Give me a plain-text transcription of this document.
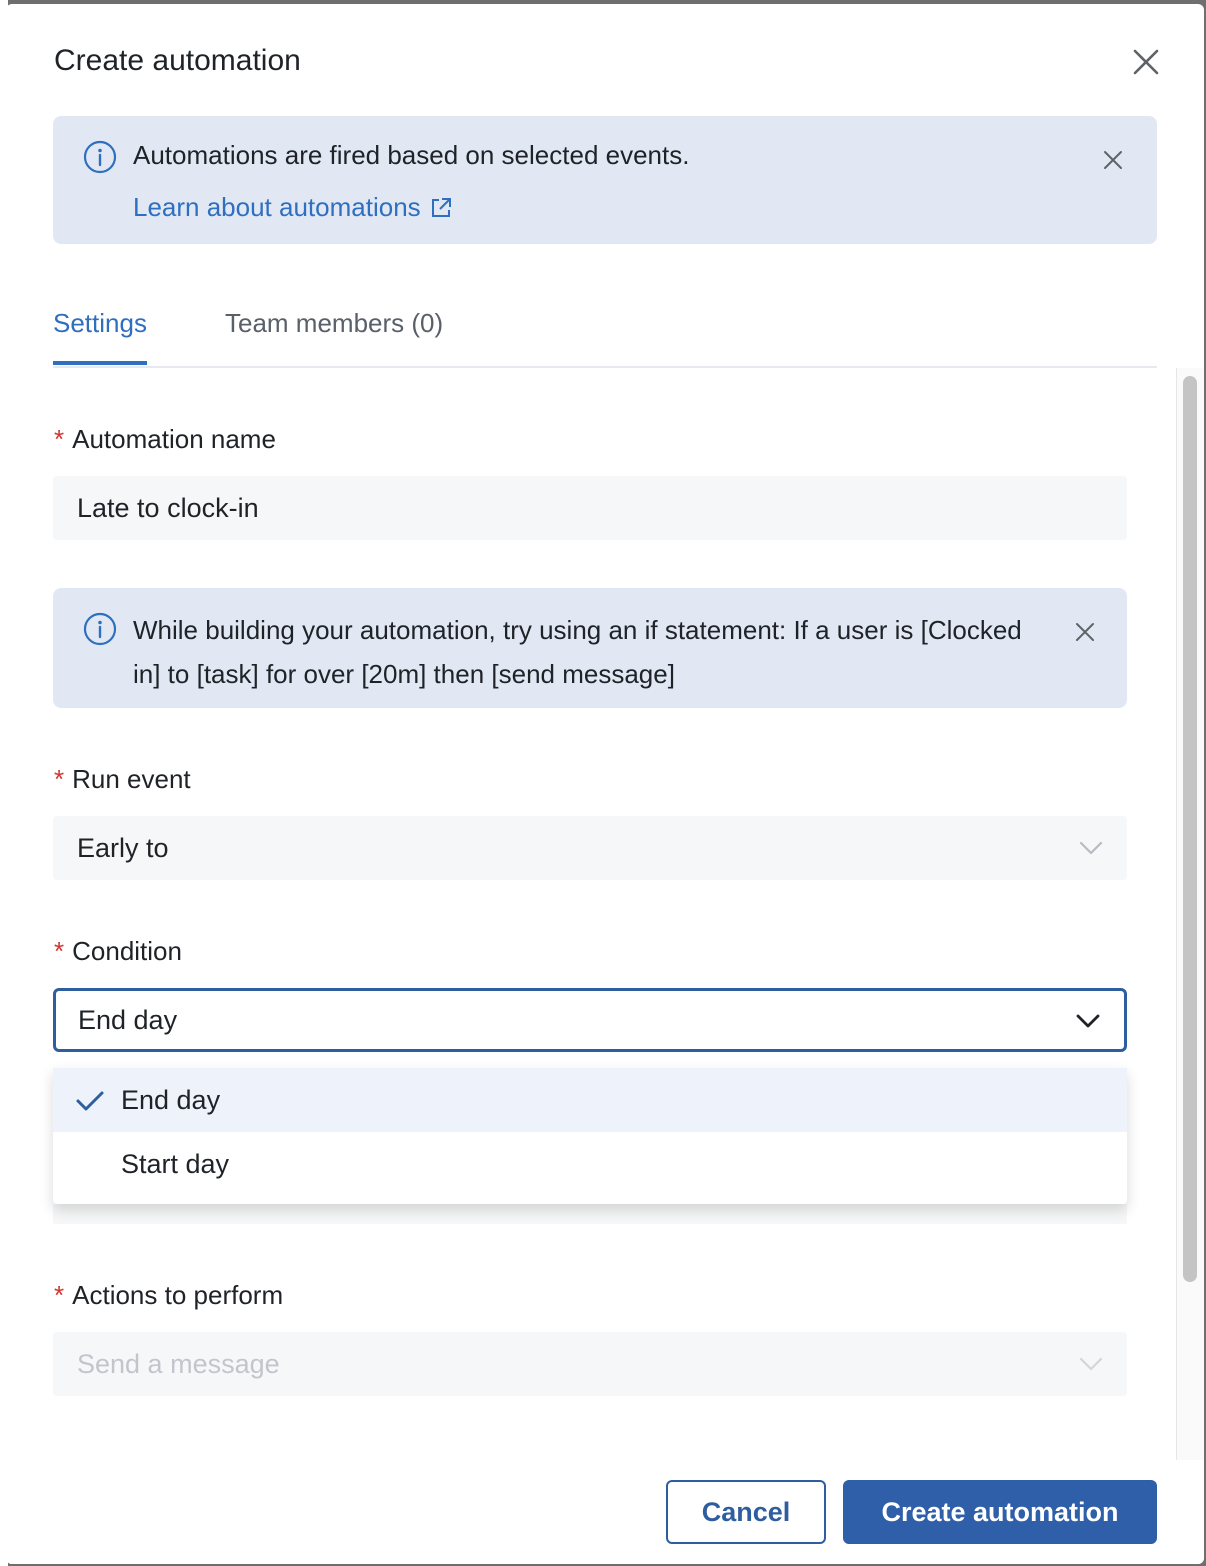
Create automation
Automations are fired based on selected events.
Learn about automations
Settings	Team members (0)
* Automation name
Late to clock-in
While building your automation, try using an if statement: If a user is [Clocked in] to [task] for over [20m] then [send message]
* Run event
Early to
* Condition
End day
End day
Start day
* Actions to perform
Send a message
Cancel	Create automation
